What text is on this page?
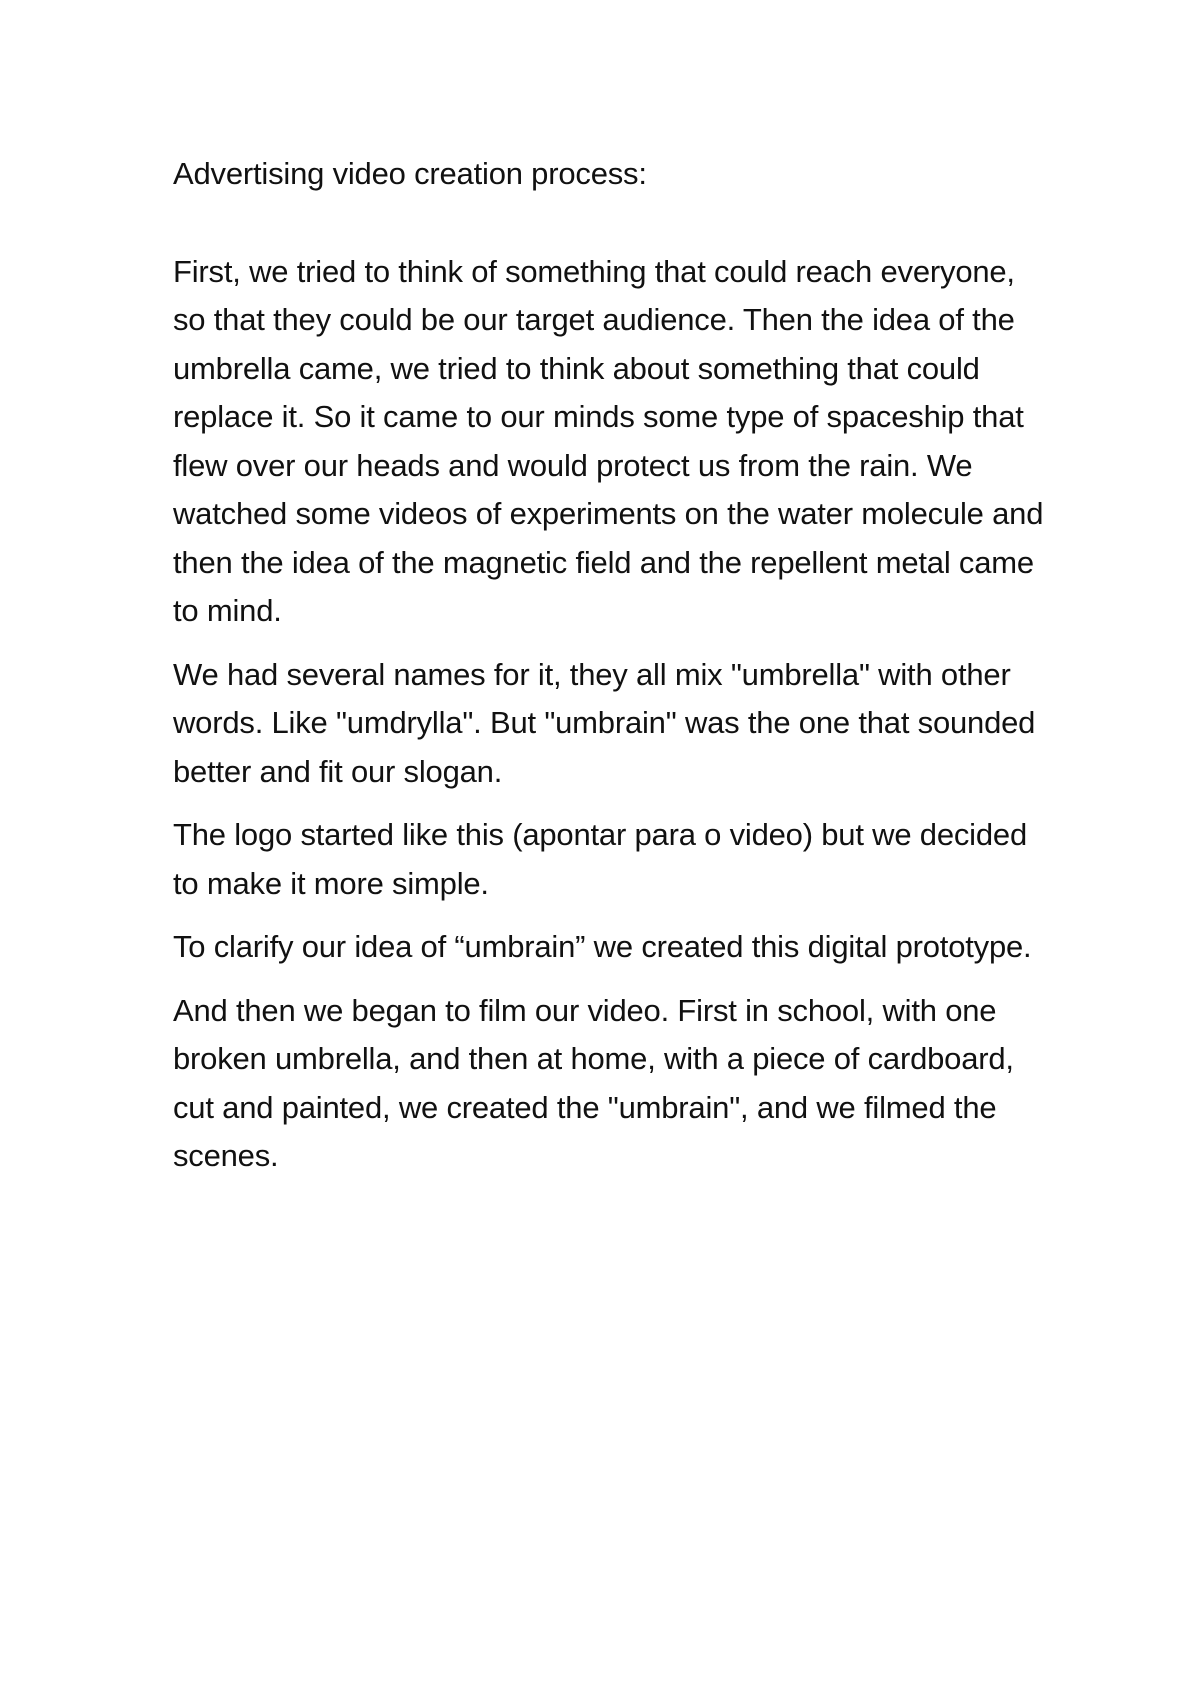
Advertising video creation process:

First, we tried to think of something that could reach everyone, so that they could be our target audience. Then the idea of the umbrella came, we tried to think about something that could replace it. So it came to our minds some type of spaceship that flew over our heads and would protect us from the rain. We watched some videos of experiments on the water molecule and then the idea of the magnetic field and the repellent metal came to mind.

We had several names for it, they all mix "umbrella" with other words. Like "umdrylla". But "umbrain" was the one that sounded better and fit our slogan.

The logo started like this (apontar para o video) but we decided to make it more simple.

To clarify our idea of “umbrain” we created this digital prototype.

And then we began to film our video. First in school, with one broken umbrella, and then at home, with a piece of cardboard, cut and painted, we created the "umbrain", and we filmed the scenes.
